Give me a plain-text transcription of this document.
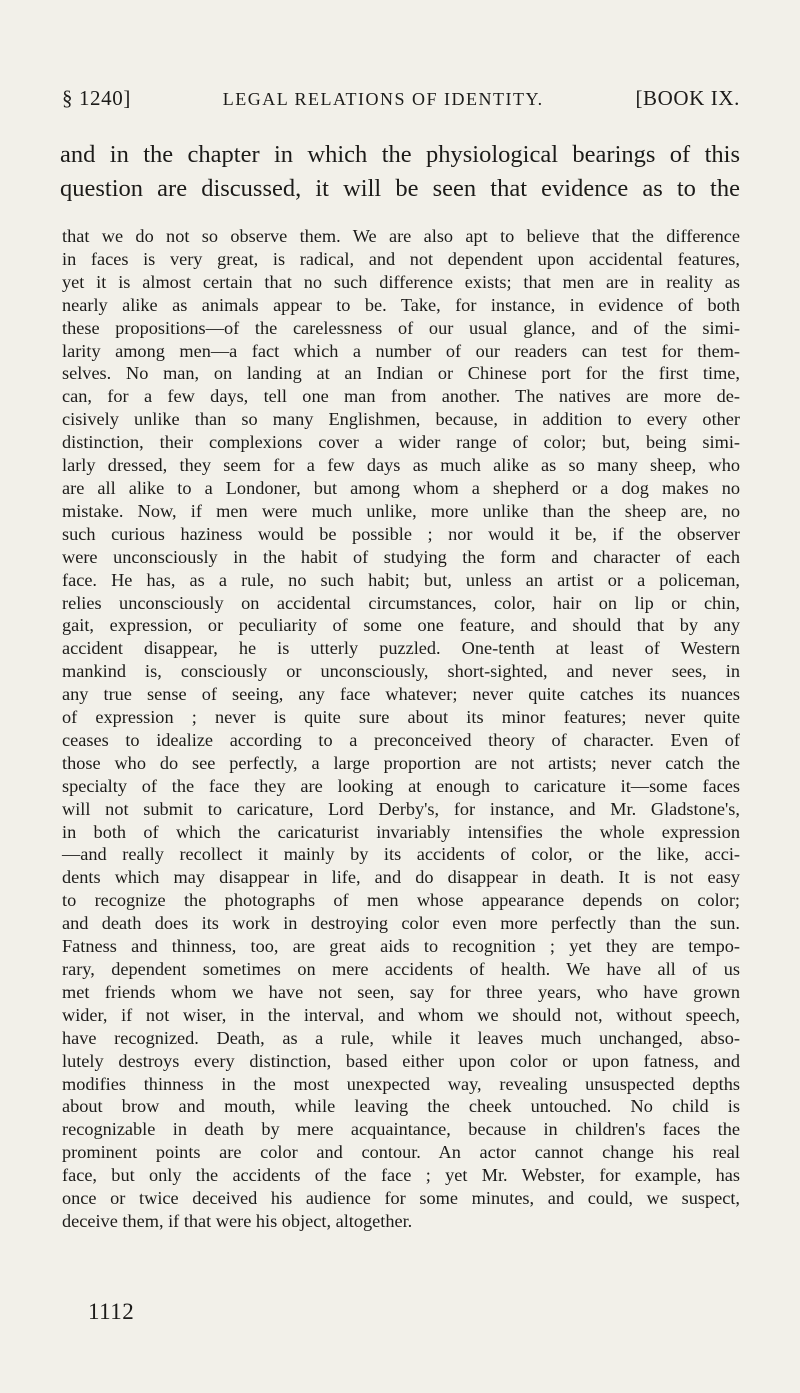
§ 1240]	LEGAL RELATIONS OF IDENTITY.	[BOOK IX.

and in the chapter in which the physiological bearings of this
question are discussed, it will be seen that evidence as to the

that we do not so observe them. We are also apt to believe that the difference
in faces is very great, is radical, and not dependent upon accidental features,
yet it is almost certain that no such difference exists; that men are in reality as
nearly alike as animals appear to be. Take, for instance, in evidence of both
these propositions—of the carelessness of our usual glance, and of the simi-
larity among men—a fact which a number of our readers can test for them-
selves. No man, on landing at an Indian or Chinese port for the first time,
can, for a few days, tell one man from another. The natives are more de-
cisively unlike than so many Englishmen, because, in addition to every other
distinction, their complexions cover a wider range of color; but, being simi-
larly dressed, they seem for a few days as much alike as so many sheep, who
are all alike to a Londoner, but among whom a shepherd or a dog makes no
mistake. Now, if men were much unlike, more unlike than the sheep are, no
such curious haziness would be possible ; nor would it be, if the observer
were unconsciously in the habit of studying the form and character of each
face. He has, as a rule, no such habit; but, unless an artist or a policeman,
relies unconsciously on accidental circumstances, color, hair on lip or chin,
gait, expression, or peculiarity of some one feature, and should that by any
accident disappear, he is utterly puzzled. One-tenth at least of Western
mankind is, consciously or unconsciously, short-sighted, and never sees, in
any true sense of seeing, any face whatever; never quite catches its nuances
of expression ; never is quite sure about its minor features; never quite
ceases to idealize according to a preconceived theory of character. Even of
those who do see perfectly, a large proportion are not artists; never catch the
specialty of the face they are looking at enough to caricature it—some faces
will not submit to caricature, Lord Derby's, for instance, and Mr. Gladstone's,
in both of which the caricaturist invariably intensifies the whole expression
—and really recollect it mainly by its accidents of color, or the like, acci-
dents which may disappear in life, and do disappear in death. It is not easy
to recognize the photographs of men whose appearance depends on color;
and death does its work in destroying color even more perfectly than the sun.
Fatness and thinness, too, are great aids to recognition ; yet they are tempo-
rary, dependent sometimes on mere accidents of health. We have all of us
met friends whom we have not seen, say for three years, who have grown
wider, if not wiser, in the interval, and whom we should not, without speech,
have recognized. Death, as a rule, while it leaves much unchanged, abso-
lutely destroys every distinction, based either upon color or upon fatness, and
modifies thinness in the most unexpected way, revealing unsuspected depths
about brow and mouth, while leaving the cheek untouched. No child is
recognizable in death by mere acquaintance, because in children's faces the
prominent points are color and contour. An actor cannot change his real
face, but only the accidents of the face ; yet Mr. Webster, for example, has
once or twice deceived his audience for some minutes, and could, we suspect,
deceive them, if that were his object, altogether.

1112
